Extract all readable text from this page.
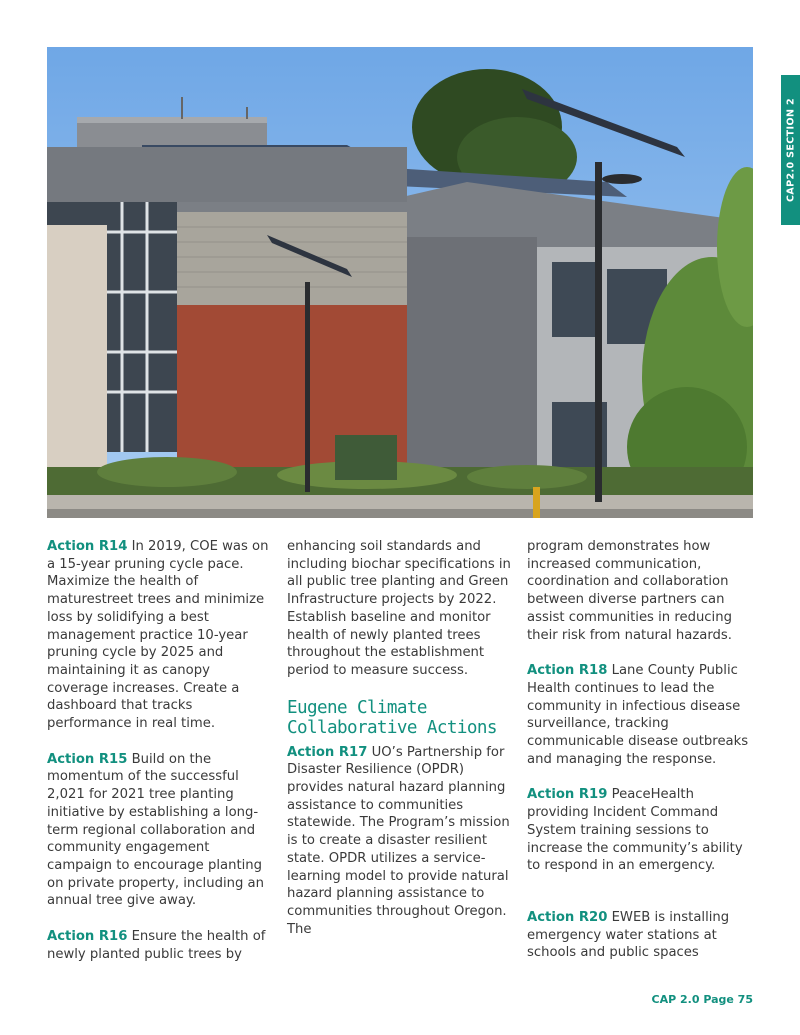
CAP2.0 SECTION 2

Action R14 In 2019, COE was on a 15-year pruning cycle pace. Maximize the health of maturestreet trees and minimize loss by solidifying a best management practice 10-year pruning cycle by 2025 and maintaining it as canopy coverage increases. Create a dashboard that tracks performance in real time.

Action R15 Build on the momentum of the successful 2,021 for 2021 tree planting initiative by establishing a long-term regional collaboration and community engagement campaign to encourage planting on private property, including an annual tree give away.

Action R16 Ensure the health of newly planted public trees by

enhancing soil standards and including biochar specifications in all public tree planting and Green Infrastructure projects by 2022. Establish baseline and monitor health of newly planted trees throughout the establishment period to measure success.

Eugene Climate Collaborative Actions

Action R17 UO’s Partnership for Disaster Resilience (OPDR) provides natural hazard planning assistance to communities statewide. The Program’s mission is to create a disaster resilient state. OPDR utilizes a service-learning model to provide natural hazard planning assistance to communities throughout Oregon. The

program demonstrates how increased communication, coordination and collaboration between diverse partners can assist communities in reducing their risk from natural hazards.

Action R18 Lane County Public Health continues to lead the community in infectious disease surveillance, tracking communicable disease outbreaks and managing the response.

Action R19 PeaceHealth providing Incident Command System training sessions to increase the community’s ability to respond in an emergency.

Action R20 EWEB is installing emergency water stations at schools and public spaces

CAP 2.0 Page 75
